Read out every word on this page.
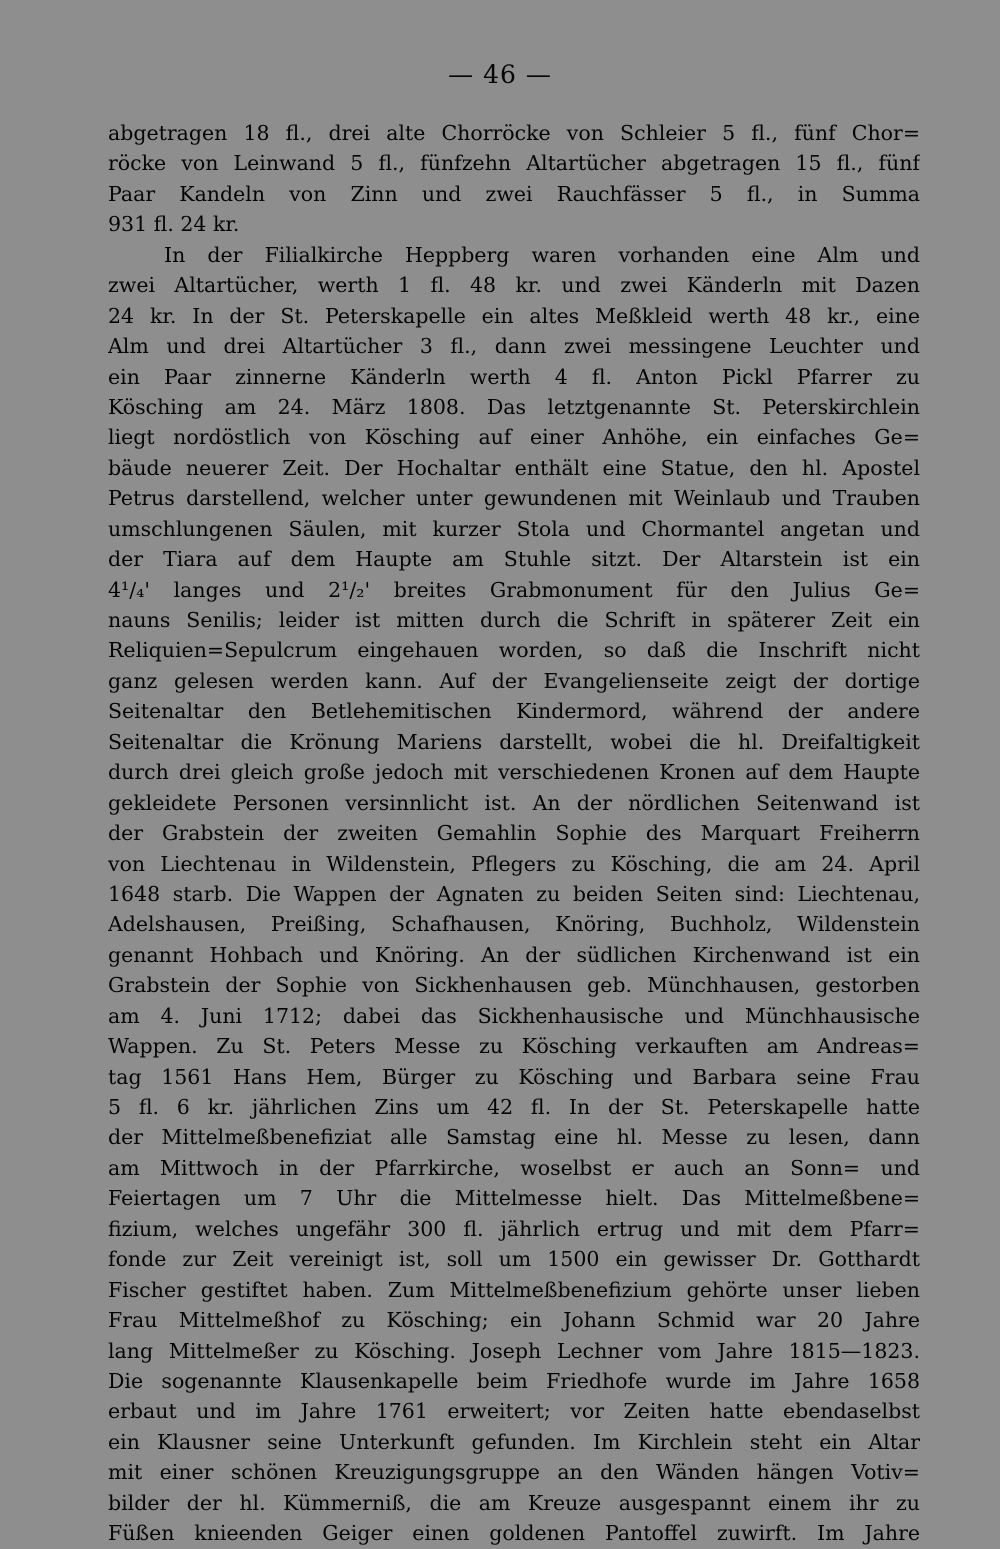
— 46 —
abgetragen 18 fl., drei alte Chorröcke von Schleier 5 fl., fünf Chor=
röcke von Leinwand 5 fl., fünfzehn Altartücher abgetragen 15 fl., fünf
Paar Kandeln von Zinn und zwei Rauchfässer 5 fl., in Summa
931 fl. 24 kr.
In der Filialkirche Heppberg waren vorhanden eine Alm und
zwei Altartücher, werth 1 fl. 48 kr. und zwei Känderln mit Dazen
24 kr. In der St. Peterskapelle ein altes Meßkleid werth 48 kr., eine
Alm und drei Altartücher 3 fl., dann zwei messingene Leuchter und
ein Paar zinnerne Känderln werth 4 fl. Anton Pickl Pfarrer zu
Kösching am 24. März 1808. Das letztgenannte St. Peterskirchlein
liegt nordöstlich von Kösching auf einer Anhöhe, ein einfaches Ge=
bäude neuerer Zeit. Der Hochaltar enthält eine Statue, den hl. Apostel
Petrus darstellend, welcher unter gewundenen mit Weinlaub und Trauben
umschlungenen Säulen, mit kurzer Stola und Chormantel angetan und
der Tiara auf dem Haupte am Stuhle sitzt. Der Altarstein ist ein
4¹/₄' langes und 2¹/₂' breites Grabmonument für den Julius Ge=
nauns Senilis; leider ist mitten durch die Schrift in späterer Zeit ein
Reliquien=Sepulcrum eingehauen worden, so daß die Inschrift nicht
ganz gelesen werden kann. Auf der Evangelienseite zeigt der dortige
Seitenaltar den Betlehemitischen Kindermord, während der andere
Seitenaltar die Krönung Mariens darstellt, wobei die hl. Dreifaltigkeit
durch drei gleich große jedoch mit verschiedenen Kronen auf dem Haupte
gekleidete Personen versinnlicht ist. An der nördlichen Seitenwand ist
der Grabstein der zweiten Gemahlin Sophie des Marquart Freiherrn
von Liechtenau in Wildenstein, Pflegers zu Kösching, die am 24. April
1648 starb. Die Wappen der Agnaten zu beiden Seiten sind: Liechtenau,
Adelshausen, Preißing, Schafhausen, Knöring, Buchholz, Wildenstein
genannt Hohbach und Knöring. An der südlichen Kirchenwand ist ein
Grabstein der Sophie von Sickhenhausen geb. Münchhausen, gestorben
am 4. Juni 1712; dabei das Sickhenhausische und Münchhausische
Wappen. Zu St. Peters Messe zu Kösching verkauften am Andreas=
tag 1561 Hans Hem, Bürger zu Kösching und Barbara seine Frau
5 fl. 6 kr. jährlichen Zins um 42 fl. In der St. Peterskapelle hatte
der Mittelmeßbenefiziat alle Samstag eine hl. Messe zu lesen, dann
am Mittwoch in der Pfarrkirche, woselbst er auch an Sonn= und
Feiertagen um 7 Uhr die Mittelmesse hielt. Das Mittelmeßbene=
fizium, welches ungefähr 300 fl. jährlich ertrug und mit dem Pfarr=
fonde zur Zeit vereinigt ist, soll um 1500 ein gewisser Dr. Gotthardt
Fischer gestiftet haben. Zum Mittelmeßbenefizium gehörte unser lieben
Frau Mittelmeßhof zu Kösching; ein Johann Schmid war 20 Jahre
lang Mittelmeßer zu Kösching. Joseph Lechner vom Jahre 1815—1823.
Die sogenannte Klausenkapelle beim Friedhofe wurde im Jahre 1658
erbaut und im Jahre 1761 erweitert; vor Zeiten hatte ebendaselbst
ein Klausner seine Unterkunft gefunden. Im Kirchlein steht ein Altar
mit einer schönen Kreuzigungsgruppe an den Wänden hängen Votiv=
bilder der hl. Kümmerniß, die am Kreuze ausgespannt einem ihr zu
Füßen knieenden Geiger einen goldenen Pantoffel zuwirft. Im Jahre
